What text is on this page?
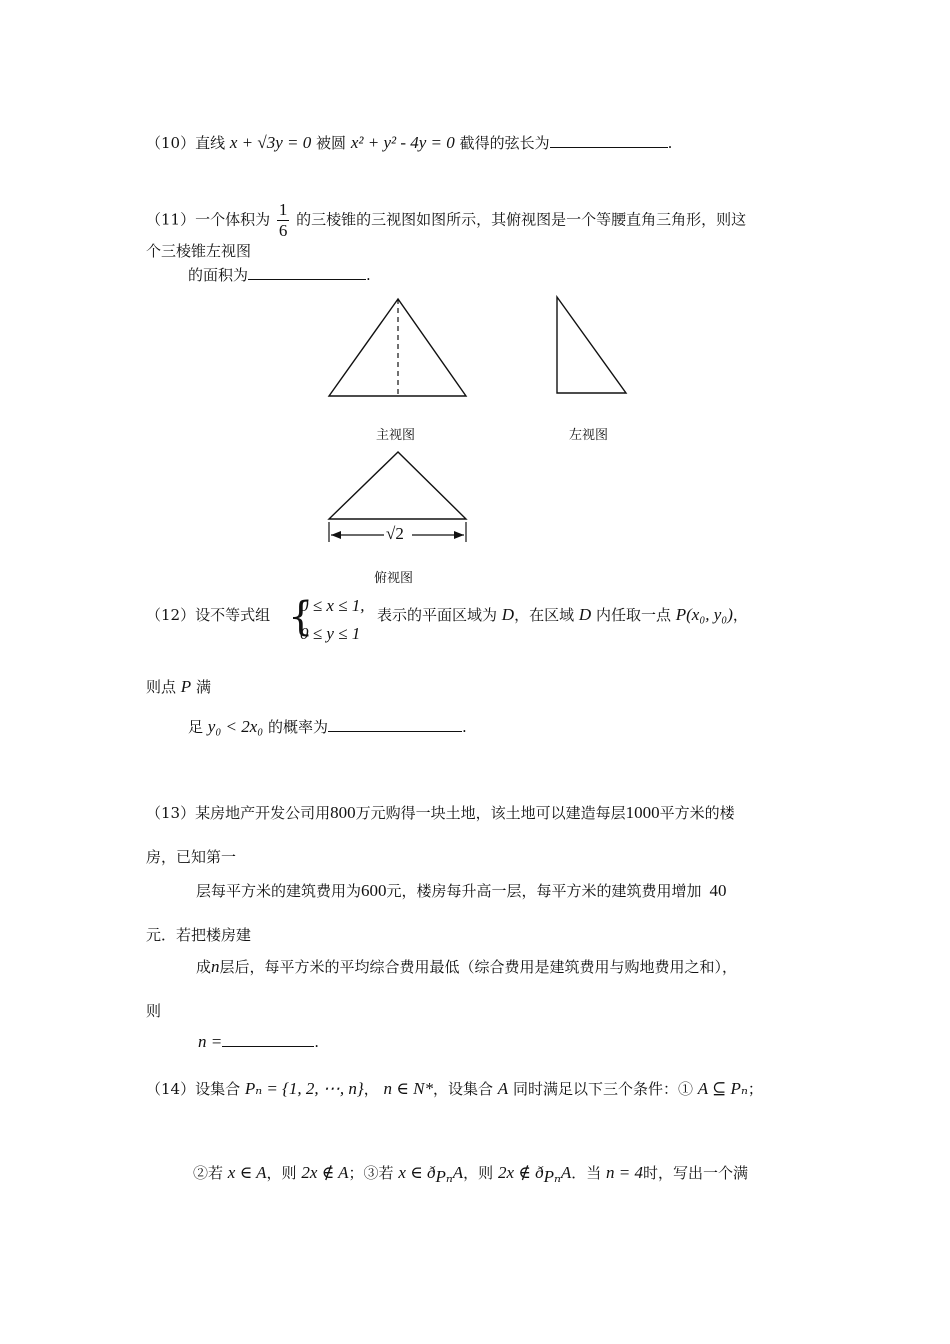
（10）直线 x + √3y = 0 被圆 x² + y² - 4y = 0 截得的弦长为	.
（11）一个体积为 $\frac{1}{6}$ 的三棱锥的三视图如图所示，其俯视图是一个等腰直角三角形，则这
个三棱锥左视图
的面积为	.
√2
主视图	左视图
俯视图
（12）设不等式组 {
0 ≤ x ≤ 1,
0 ≤ y ≤ 1
表示的平面区域为 D，在区域 D 内任取一点 P(x₀, y₀)，
则点 P 满
足 y₀ < 2x₀ 的概率为	.
（13）某房地产开发公司用800万元购得一块土地，该土地可以建造每层1000平方米的楼
房，已知第一
层每平方米的建筑费用为600元，楼房每升高一层，每平方米的建筑费用增加 40
元．若把楼房建
成n层后，每平方米的平均综合费用最低（综合费用是建筑费用与购地费用之和），
则
n =	.
（14）设集合 Pₙ = {1, 2, ⋯, n}， n ∈ N*，设集合 A 同时满足以下三个条件：① A ⊆ Pₙ；
②若 x ∈ A，则 2x ∉ A；③若 x ∈ $ð_{P_n}A$，则 2x ∉ $ð_{P_n}A$．当 n = 4时，写出一个满
